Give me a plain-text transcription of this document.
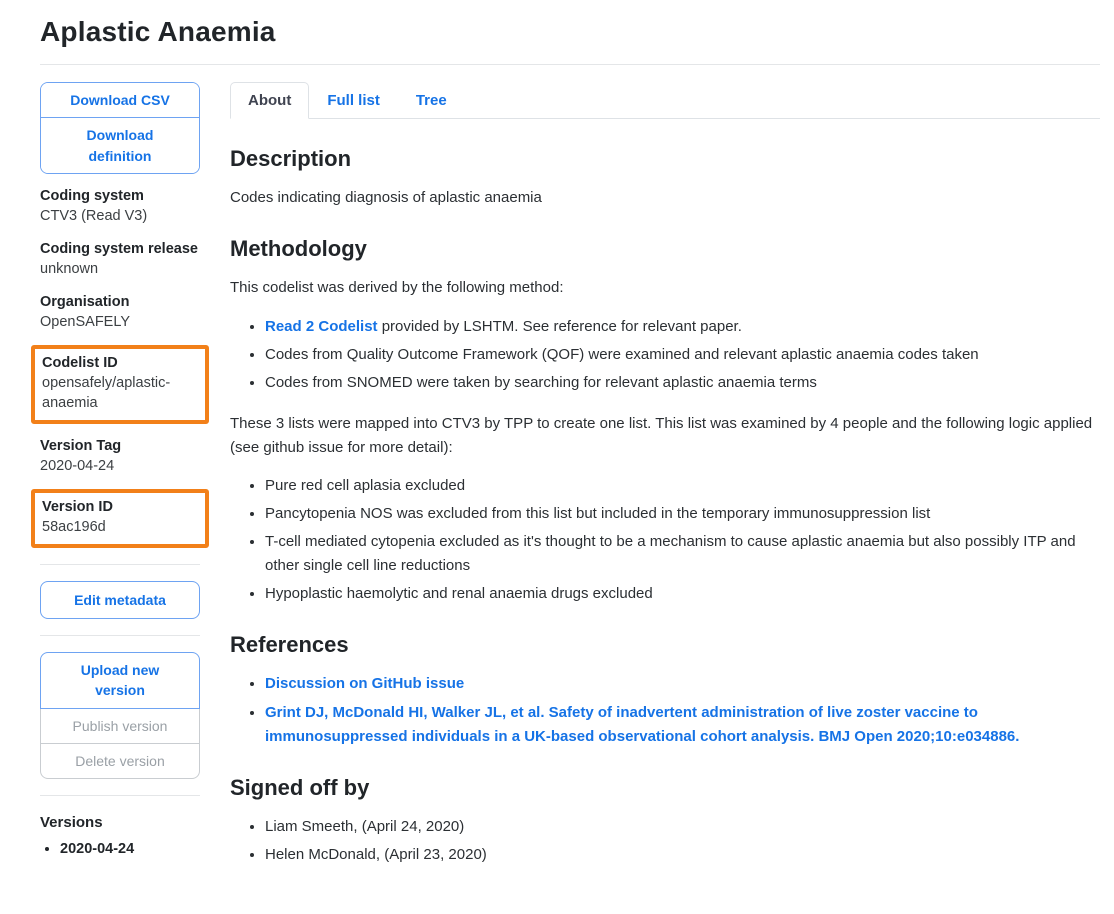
Aplastic Anaemia
Download CSV
Download definition
Coding system
CTV3 (Read V3)
Coding system release
unknown
Organisation
OpenSAFELY
Codelist ID
opensafely/aplastic-anaemia
Version Tag
2020-04-24
Version ID
58ac196d
Edit metadata
Upload new version
Publish version
Delete version
Versions
• 2020-04-24
About	Full list	Tree
Description

Codes indicating diagnosis of aplastic anaemia

Methodology

This codelist was derived by the following method:

• Read 2 Codelist provided by LSHTM. See reference for relevant paper.
• Codes from Quality Outcome Framework (QOF) were examined and relevant aplastic anaemia codes taken
• Codes from SNOMED were taken by searching for relevant aplastic anaemia terms

These 3 lists were mapped into CTV3 by TPP to create one list. This list was examined by 4 people and the following logic applied (see github issue for more detail):

• Pure red cell aplasia excluded
• Pancytopenia NOS was excluded from this list but included in the temporary immunosuppression list
• T-cell mediated cytopenia excluded as it's thought to be a mechanism to cause aplastic anaemia but also possibly ITP and other single cell line reductions
• Hypoplastic haemolytic and renal anaemia drugs excluded
References
• Discussion on GitHub issue
• Grint DJ, McDonald HI, Walker JL, et al. Safety of inadvertent administration of live zoster vaccine to immunosuppressed individuals in a UK-based observational cohort analysis. BMJ Open 2020;10:e034886.
Signed off by
• Liam Smeeth, (April 24, 2020)
• Helen McDonald, (April 23, 2020)
